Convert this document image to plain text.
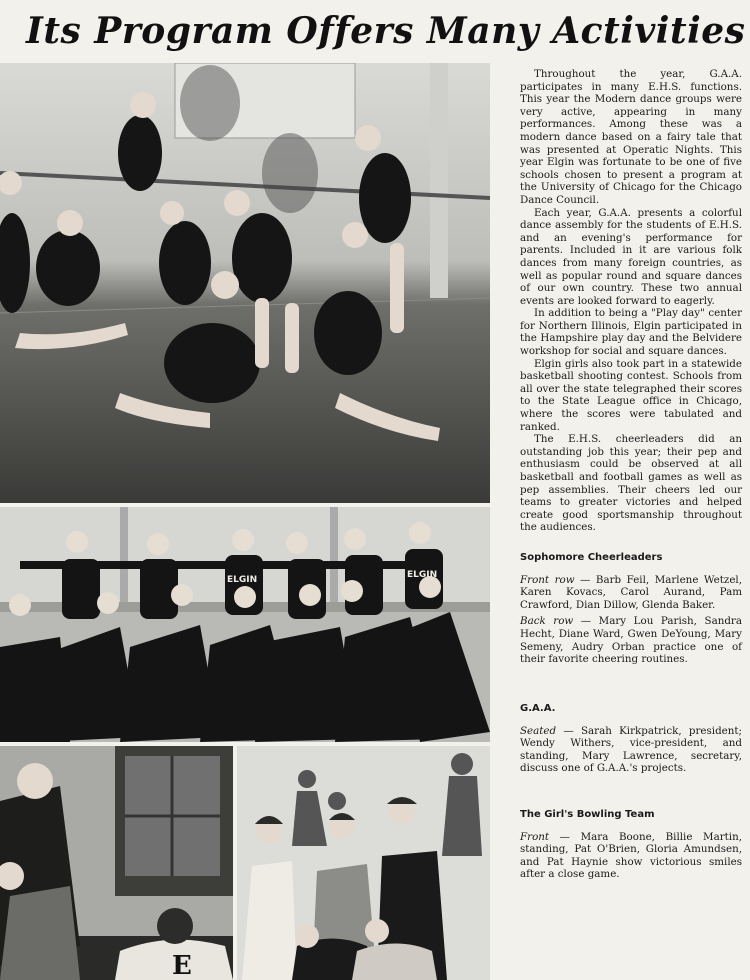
Its Program Offers Many Activities
ELGIN	ELGIN
E

Throughout the year, G.A.A. participates in many E.H.S. functions. This year the Modern dance groups were very active, appearing in many performances. Among these was a modern dance based on a fairy tale that was presented at Operatic Nights. This year Elgin was fortunate to be one of five schools chosen to present a program at the University of Chicago for the Chicago Dance Council.

Each year, G.A.A. presents a colorful dance assembly for the students of E.H.S. and an evening's performance for parents. Included in it are various folk dances from many foreign countries, as well as popular round and square dances of our own country. These two annual events are looked forward to eagerly.

In addition to being a "Play day" center for Northern Illinois, Elgin participated in the Hampshire play day and the Belvidere workshop for social and square dances.

Elgin girls also took part in a statewide basketball shooting contest. Schools from all over the state telegraphed their scores to the State League office in Chicago, where the scores were tabulated and ranked.

The E.H.S. cheerleaders did an outstanding job this year; their pep and enthusiasm could be observed at all basketball and football games as well as pep assemblies. Their cheers led our teams to greater victories and helped create good sportsmanship throughout the audiences.

Sophomore Cheerleaders

Front row — Barb Feil, Marlene Wetzel, Karen Kovacs, Carol Aurand, Pam Crawford, Dian Dillow, Glenda Baker.

Back row — Mary Lou Parish, Sandra Hecht, Diane Ward, Gwen DeYoung, Mary Semeny, Audry Orban practice one of their favorite cheering routines.

G.A.A.

Seated — Sarah Kirkpatrick, president; Wendy Withers, vice-president, and standing, Mary Lawrence, secretary, discuss one of G.A.A.'s projects.

The Girl's Bowling Team

Front — Mara Boone, Billie Martin, standing, Pat O'Brien, Gloria Amundsen, and Pat Haynie show victorious smiles after a close game.
